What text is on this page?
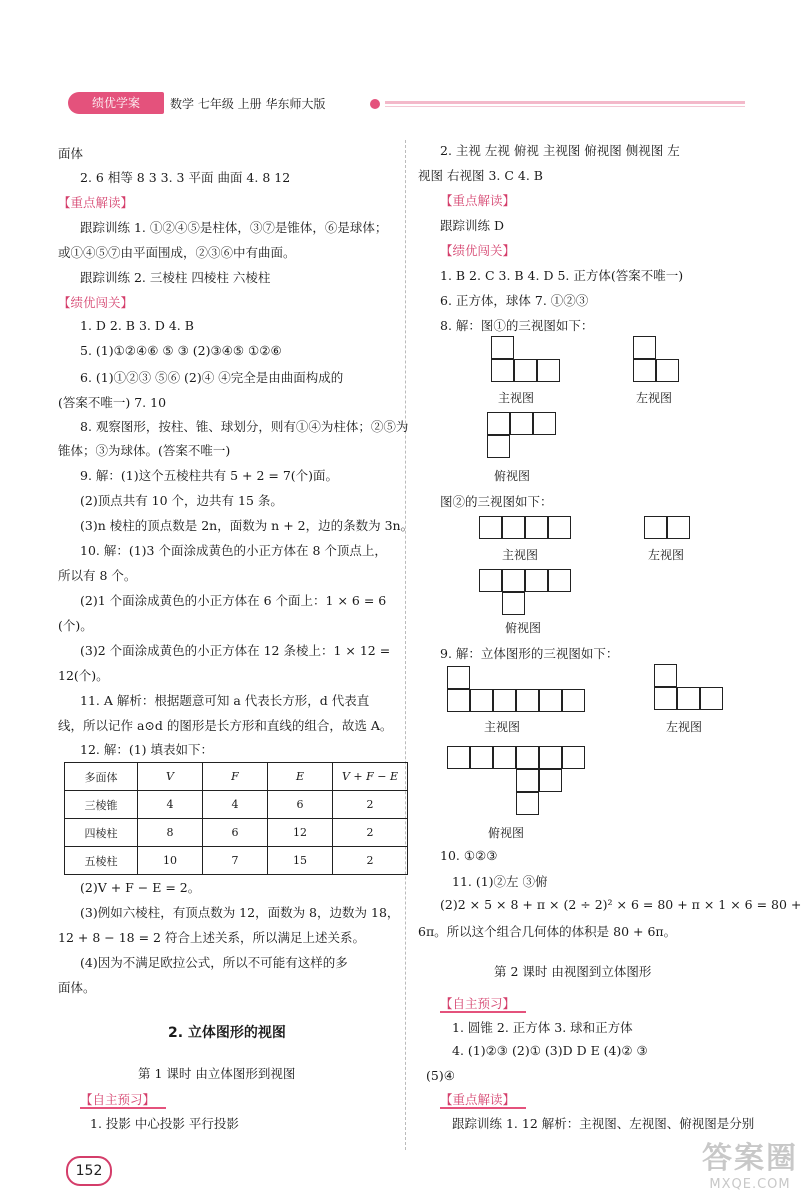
绩优学案	数学 七年级 上册 华东师大版
面体
2. 6 相等 8 3 3. 3 平面 曲面 4. 8 12
【重点解读】
跟踪训练 1. ①②④⑤是柱体，③⑦是锥体，⑥是球体；
或①④⑤⑦由平面围成，②③⑥中有曲面。
跟踪训练 2. 三棱柱 四棱柱 六棱柱
【绩优闯关】
1. D 2. B 3. D 4. B
5. (1)①②④⑥ ⑤ ③ (2)③④⑤ ①②⑥
6. (1)①②③ ⑤⑥ (2)④ ④完全是由曲面构成的
(答案不唯一) 7. 10
8. 观察图形，按柱、锥、球划分，则有①④为柱体；②⑤为
锥体；③为球体。(答案不唯一)
9. 解：(1)这个五棱柱共有 5 + 2 = 7(个)面。
(2)顶点共有 10 个，边共有 15 条。
(3)n 棱柱的顶点数是 2n，面数为 n + 2，边的条数为 3n。
10. 解：(1)3 个面涂成黄色的小正方体在 8 个顶点上，
所以有 8 个。
(2)1 个面涂成黄色的小正方体在 6 个面上：1 × 6 = 6
(个)。
(3)2 个面涂成黄色的小正方体在 12 条棱上：1 × 12 =
12(个)。
11. A 解析：根据题意可知 a 代表长方形，d 代表直
线，所以记作 a⊙d 的图形是长方形和直线的组合，故选 A。
12. 解：(1) 填表如下：
多面体	V	F	E	V + F − E
三棱锥	4	4	6	2
四棱柱	8	6	12	2
五棱柱	10	7	15	2
(2)V + F − E = 2。
(3)例如六棱柱，有顶点数为 12，面数为 8，边数为 18，
12 + 8 − 18 = 2 符合上述关系，所以满足上述关系。
(4)因为不满足欧拉公式，所以不可能有这样的多
面体。
2. 立体图形的视图
第 1 课时 由立体图形到视图
【自主预习】
1. 投影 中心投影 平行投影
2. 主视 左视 俯视 主视图 俯视图 侧视图 左
视图 右视图 3. C 4. B
【重点解读】
跟踪训练 D
【绩优闯关】
1. B 2. C 3. B 4. D 5. 正方体(答案不唯一)
6. 正方体，球体 7. ①②③
8. 解：图①的三视图如下：
主视图	左视图
俯视图
图②的三视图如下：
主视图	左视图
俯视图
9. 解：立体图形的三视图如下：
主视图	左视图
俯视图
10. ①②③
11. (1)②左 ③俯
(2)2 × 5 × 8 + π × (2 ÷ 2)² × 6 = 80 + π × 1 × 6 = 80 +
6π。所以这个组合几何体的体积是 80 + 6π。
第 2 课时 由视图到立体图形
【自主预习】
1. 圆锥 2. 正方体 3. 球和正方体
4. (1)②③ (2)① (3)D D E (4)② ③
(5)④
【重点解读】
跟踪训练 1. 12 解析：主视图、左视图、俯视图是分别
152	答案圈
MXQE.COM
